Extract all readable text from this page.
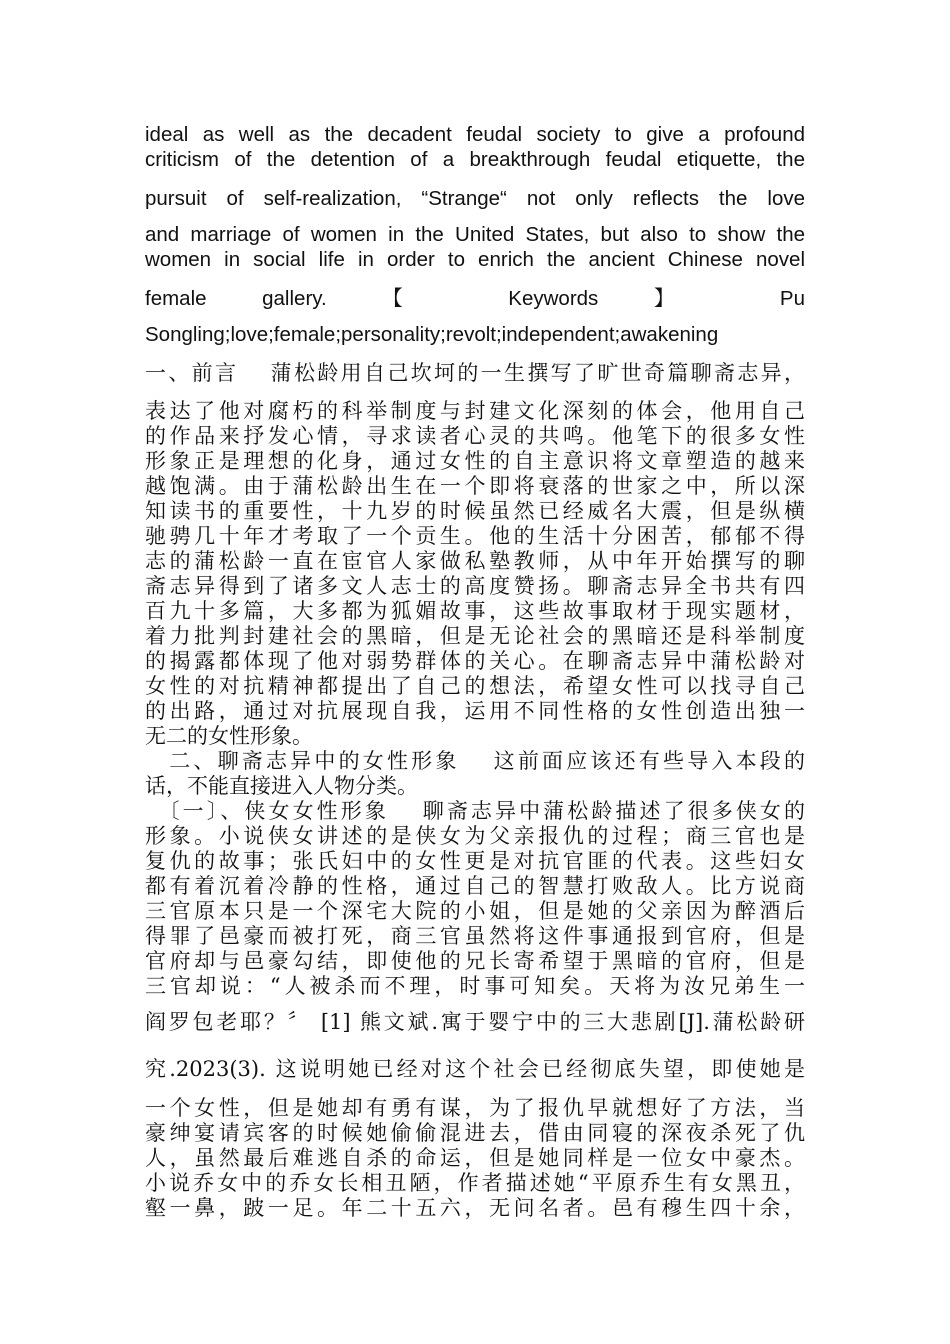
ideal as well as the decadent feudal society to give a profound
criticism of the detention of a breakthrough feudal etiquette, the
pursuit of self-realization, “Strange“ not only reflects the love
and marriage of women in the United States, but also to show the
women in social life in order to enrich the ancient Chinese novel
female gallery. 【 Keywords 】 Pu
Songling;love;female;personality;revolt;independent;awakening
一、前言　 蒲松龄用自己坎坷的一生撰写了旷世奇篇聊斋志异，
表达了他对腐朽的科举制度与封建文化深刻的体会，他用自己
的作品来抒发心情，寻求读者心灵的共鸣。他笔下的很多女性
形象正是理想的化身，通过女性的自主意识将文章塑造的越来
越饱满。由于蒲松龄出生在一个即将衰落的世家之中，所以深
知读书的重要性，十九岁的时候虽然已经威名大震，但是纵横
驰骋几十年才考取了一个贡生。他的生活十分困苦，郁郁不得
志的蒲松龄一直在宦官人家做私塾教师，从中年开始撰写的聊
斋志异得到了诸多文人志士的高度赞扬。聊斋志异全书共有四
百九十多篇，大多都为狐媚故事，这些故事取材于现实题材，
着力批判封建社会的黑暗，但是无论社会的黑暗还是科举制度
的揭露都体现了他对弱势群体的关心。在聊斋志异中蒲松龄对
女性的对抗精神都提出了自己的想法，希望女性可以找寻自己
的出路，通过对抗展现自我，运用不同性格的女性创造出独一
无二的女性形象。
　二、聊斋志异中的女性形象　 这前面应该还有些导入本段的
话，不能直接进入人物分类。
　〔一〕、侠女女性形象　 聊斋志异中蒲松龄描述了很多侠女的
形象。小说侠女讲述的是侠女为父亲报仇的过程；商三官也是
复仇的故事；张氏妇中的女性更是对抗官匪的代表。这些妇女
都有着沉着冷静的性格，通过自己的智慧打败敌人。比方说商
三官原本只是一个深宅大院的小姐，但是她的父亲因为醉酒后
得罪了邑豪而被打死，商三官虽然将这件事通报到官府，但是
官府却与邑豪勾结，即使他的兄长寄希望于黑暗的官府，但是
三官却说：“人被杀而不理，时事可知矣。天将为汝兄弟生一
阎罗包老耶？〞 [1] 熊文斌.寓于婴宁中的三大悲剧[J].蒲松龄研
究.2023(3). 这说明她已经对这个社会已经彻底失望，即使她是
一个女性，但是她却有勇有谋，为了报仇早就想好了方法，当
豪绅宴请宾客的时候她偷偷混进去，借由同寝的深夜杀死了仇
人，虽然最后难逃自杀的命运，但是她同样是一位女中豪杰。
小说乔女中的乔女长相丑陋，作者描述她“平原乔生有女黑丑，
壑一鼻，跛一足。年二十五六，无问名者。邑有穆生四十余，
